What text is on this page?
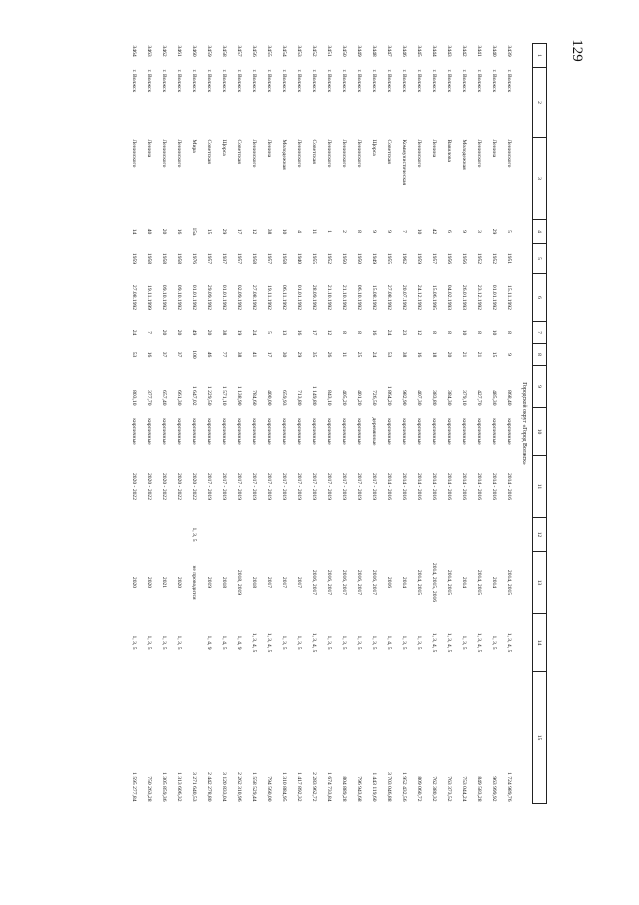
129
1	2	3	4	5	6	7	8	9	10	11	12	13	14	15
Городской округ «Город Волжск»														
3439	г. Волжск	Ленинского	5	1951	15.11.1992	8	9	868,40	кирпичные	2014 - 2016		2014, 2015	1, 3, 4, 5	1 724 989,76
3440	г. Волжск	Ленина	29	1952	01.01.1992	10	15	485,30	кирпичные	2014 - 2016		2014	1, 3, 5	963 999,92
3441	г. Волжск	Ленинского	3	1952	23.12.1992	8	21	427,70	кирпичные	2014 - 2016		2014, 2015	1, 3, 4, 5	849 583,28
3442	г. Волжск	Молодежная	9	1956	26.01.1993	10	21	379,10	кирпичные	2014 - 2016		2014	1, 3, 5	753 044,24
3443	г. Волжск	Вавилова	6	1956	04.02.1993	8	20	384,30	кирпичные	2014 - 2016		2014, 2015	1, 3, 4, 5	763 373,52
3444	г. Волжск	Ленина	42	1957	15.06.1995	8	18	383,80	кирпичные	2014 - 2016		2014, 2015, 2016	1, 3, 4, 5	762 380,32
3445	г. Волжск	Ленинского	10	1959	24.12.1992	12	16	407,30	кирпичные	2014 - 2016		2014, 2015	1, 3, 5	809 060,72
3446	г. Волжск	Коммунистическая	7	1962	20.07.1992	23	38	982,90	кирпичные	2014 - 2016		2014	1, 3, 5	1 952 432,56
3447	г. Волжск	Советская	9	1955	27.08.1992	24	53	1 864,20	кирпичные	2014 - 2016		2016	1, 4, 5	3 703 046,88
3448	г. Волжск	Щорса	9	1949	15.08.1992	16	24	726,50	деревянные	2017 - 2019		2016, 2017	1, 3, 5	1 443 119,60
3449	г. Волжск	Ленинского	8	1950	06.10.1992	8	25	401,20	кирпичные	2017 - 2019		2016, 2017	1, 3, 5	796 943,68
3450	г. Волжск	Ленинского	2	1950	21.10.1992	8	11	405,20	кирпичные	2017 - 2019		2016, 2017	1, 3, 5	804 889,28
3451	г. Волжск	Ленинского	1	1952	21.10.1992	12	26	843,10	кирпичные	2017 - 2019		2016, 2017	1, 3, 5	1 674 733,84
3452	г. Волжск	Советская	11	1955	28.09.1992	17	35	1 149,80	кирпичные	2017 - 2019		2016, 2017	1, 3, 4, 5	2 283 962,72
3453	г. Волжск	Ленинского	4	1940	01.01.1992	16	29	713,80	кирпичные	2017 - 2019		2017	1, 3, 5	1 417 892,32
3454	г. Волжск	Молодежная	10	1958	06.11.1992	13	30	659,93	кирпичные	2017 - 2019		2017	1, 3, 5	1 310 884,95
3455	г. Волжск	Ленина	38	1957	19.11.1992	5	17	400,00	кирпичные	2017 - 2019		2017	1, 3, 4, 5	794 560,00
3456	г. Волжск	Ленинского	12	1958	27.08.1992	24	41	784,60	кирпичные	2017 - 2019		2018	1, 3, 4, 5	1 558 529,44
3457	г. Волжск	Советская	17	1957	02.09.1992	19	38	1 138,90	кирпичные	2017 - 2019		2018, 2019	1, 4, 9	2 262 310,96
3458	г. Волжск	Щорса	29	1937	01.01.1992	38	77	1 571,10	кирпичные	2017 - 2019		2018	1, 4, 5	3 120 833,04
3459	г. Волжск	Советская	15	1957	29.09.1992	20	46	1 229,50	кирпичные	2017 - 2019		2019	1, 4, 9	2 442 278,80
3460	г. Волжск	Мира	15а	1976	01.01.1992	49	100	1 647,02	кирпичные	2020 - 2022	1, 3, 5	не проводится		3 271 640,53
3461	г. Волжск	Ленинского	16	1958	09.10.1992	20	37	661,30	кирпичные	2020 - 2022		2020	1, 3, 5	1 313 606,32
3462	г. Волжск	Ленинского	20	1958	09.10.1992	20	37	657,40	кирпичные	2020 - 2022		2021	1, 3, 5	1 305 859,36
3463	г. Волжск	Ленина	40	1958	19.11.1999	7	16	377,70	кирпичные	2020 - 2022		2020	1, 3, 5	750 263,28
3464	г. Волжск	Ленинского	14	1959	27.08.1992	24	53	803,10	кирпичные	2020 - 2022		2020	1, 3, 5	1 595 277,84
